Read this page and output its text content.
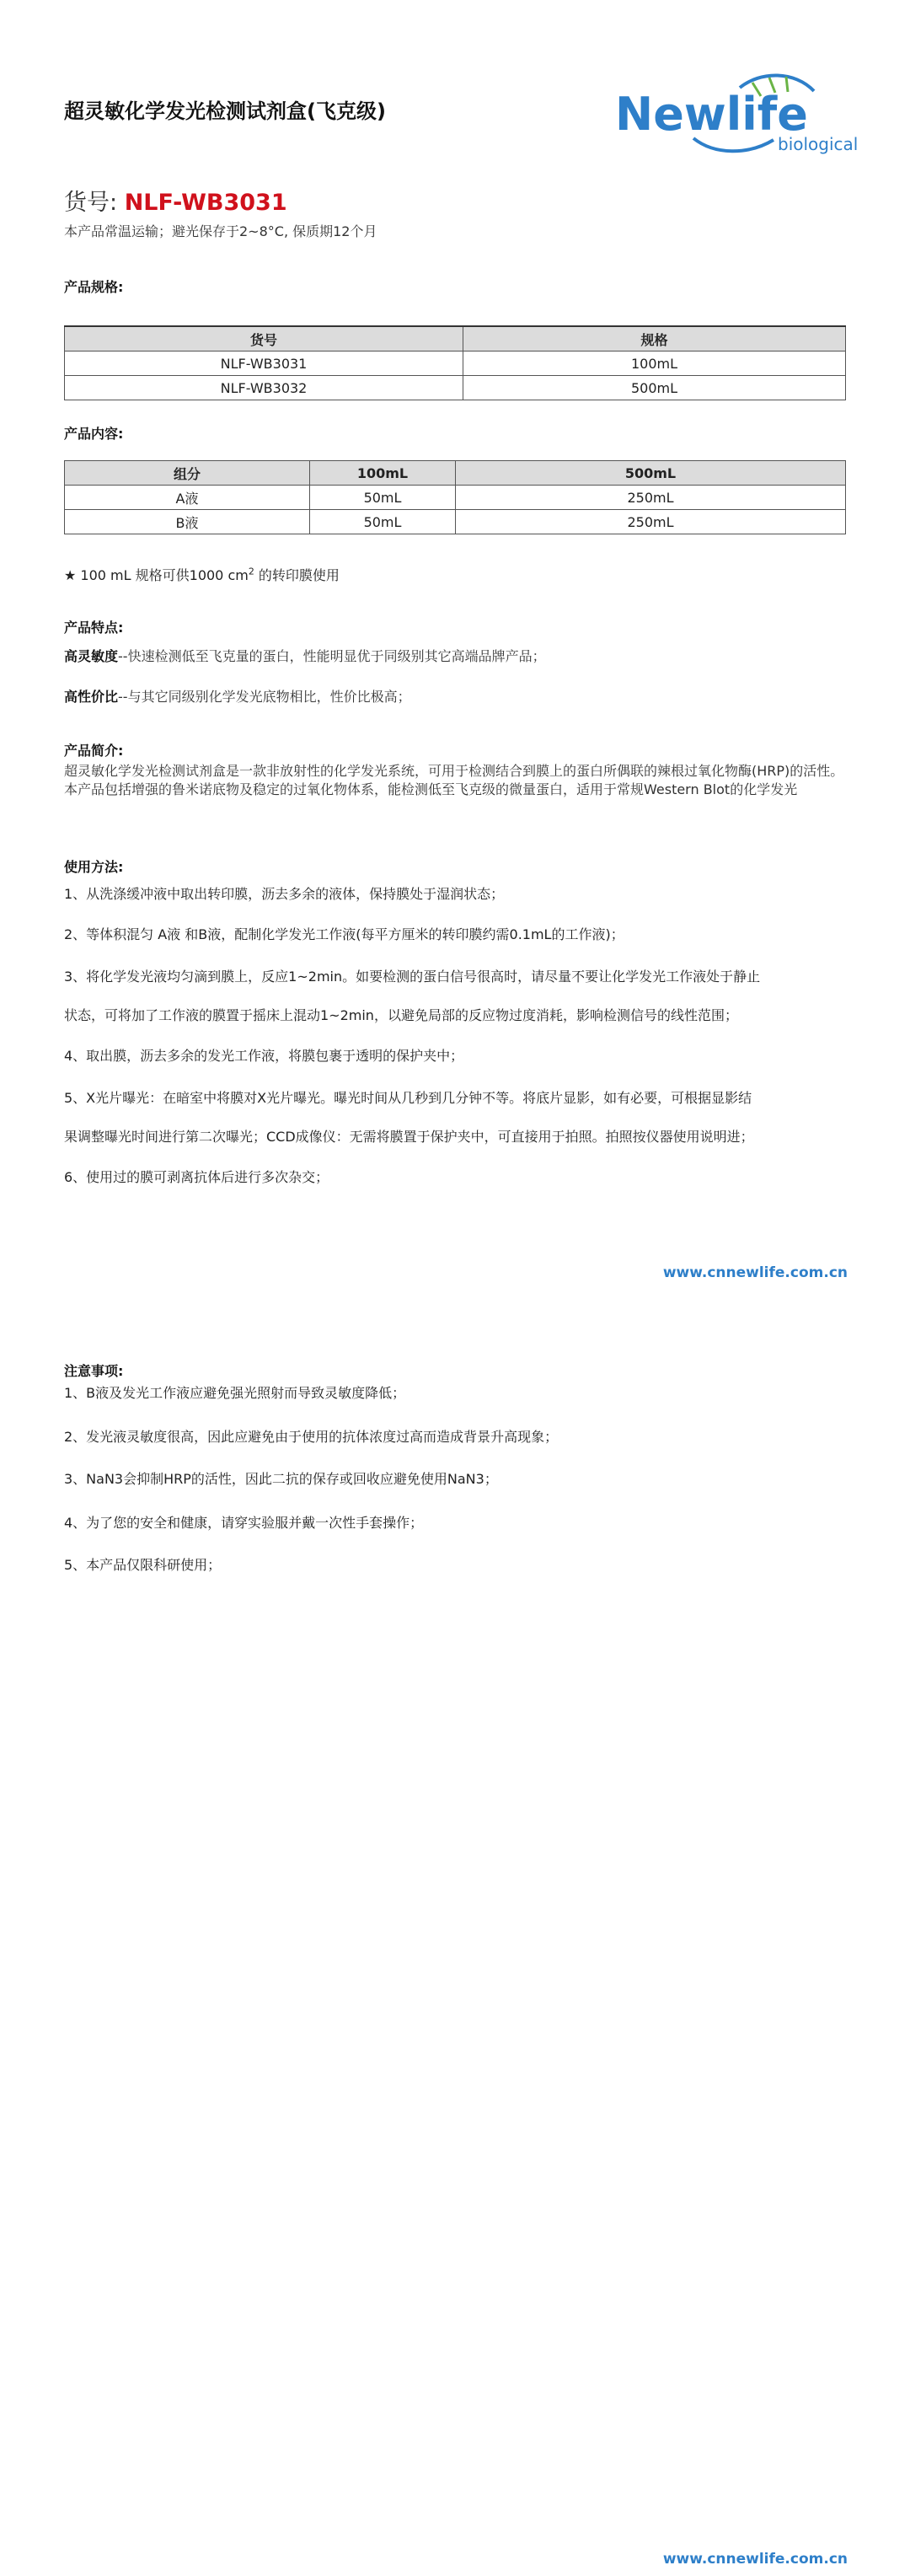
超灵敏化学发光检测试剂盒(飞克级)	Newlife
biological
货号: NLF-WB3031
本产品常温运输；避光保存于2~8°C, 保质期12个月
产品规格:
货号	规格
NLF-WB3031	100mL
NLF-WB3032	500mL
产品内容:
组分	100mL	500mL
A液	50mL	250mL
B液	50mL	250mL
★ 100 mL 规格可供1000 $cm^2$ 的转印膜使用
产品特点:
高灵敏度--快速检测低至飞克量的蛋白，性能明显优于同级别其它高端品牌产品；
高性价比--与其它同级别化学发光底物相比，性价比极高；
产品简介:
超灵敏化学发光检测试剂盒是一款非放射性的化学发光系统，可用于检测结合到膜上的蛋白所偶联的辣根过氧化物酶(HRP)的活性。本产品包括增强的鲁米诺底物及稳定的过氧化物体系，能检测低至飞克级的微量蛋白，适用于常规Western Blot的化学发光
使用方法:
1、从洗涤缓冲液中取出转印膜，沥去多余的液体，保持膜处于湿润状态；
2、等体积混匀 A液 和B液，配制化学发光工作液(每平方厘米的转印膜约需0.1mL的工作液)；
3、将化学发光液均匀滴到膜上，反应1~2min。如要检测的蛋白信号很高时，请尽量不要让化学发光工作液处于静止
状态，可将加了工作液的膜置于摇床上混动1~2min，以避免局部的反应物过度消耗，影响检测信号的线性范围；
4、取出膜，沥去多余的发光工作液，将膜包裹于透明的保护夹中；
5、X光片曝光：在暗室中将膜对X光片曝光。曝光时间从几秒到几分钟不等。将底片显影，如有必要，可根据显影结
果调整曝光时间进行第二次曝光；CCD成像仪：无需将膜置于保护夹中，可直接用于拍照。拍照按仪器使用说明进；
6、使用过的膜可剥离抗体后进行多次杂交；
www.cnnewlife.com.cn
注意事项:
1、B液及发光工作液应避免强光照射而导致灵敏度降低；
2、发光液灵敏度很高，因此应避免由于使用的抗体浓度过高而造成背景升高现象；
3、NaN3会抑制HRP的活性，因此二抗的保存或回收应避免使用NaN3；
4、为了您的安全和健康，请穿实验服并戴一次性手套操作；
5、本产品仅限科研使用；
www.cnnewlife.com.cn
